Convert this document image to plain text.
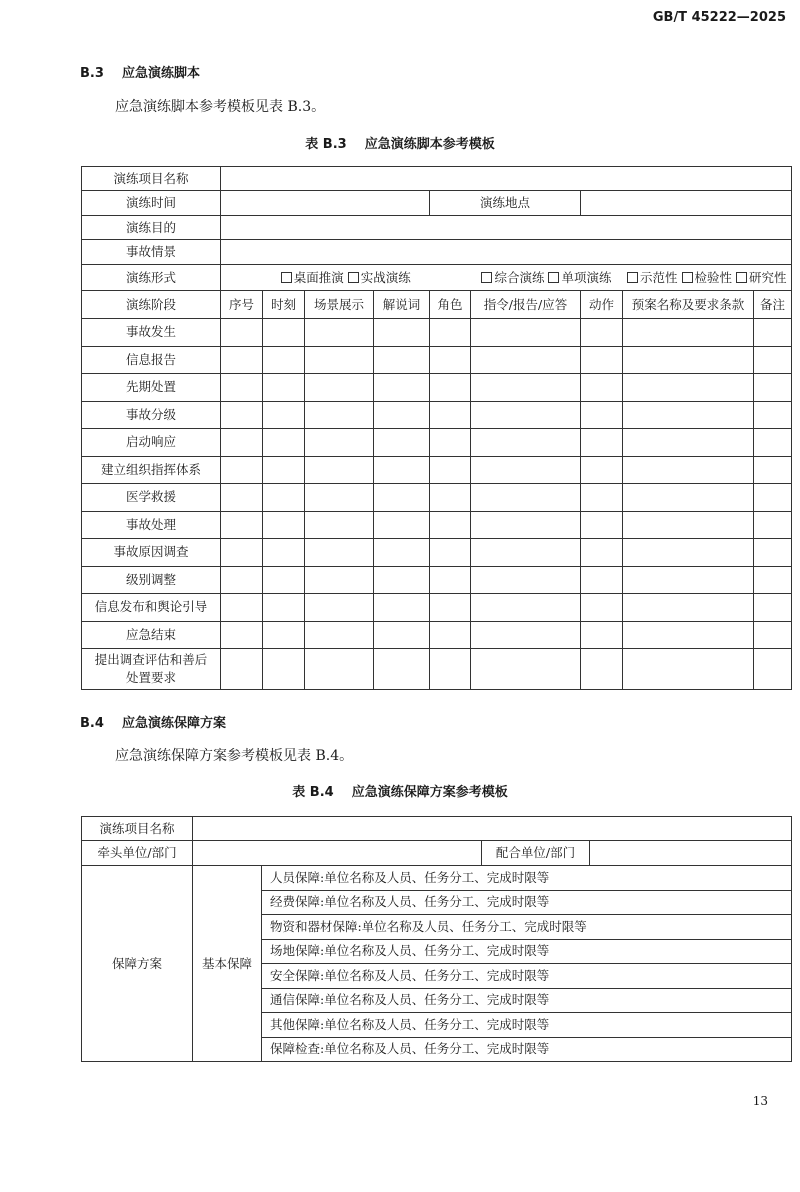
GB/T 45222—2025
B.3 应急演练脚本
应急演练脚本参考模板见表 B.3。
表 B.3 应急演练脚本参考模板
演练项目名称									
演练时间					演练地点				
演练目的									
事故情景									
演练形式	桌面推演 实战演练					综合演练 单项演练		示范性 检验性 研究性	
演练阶段	序号	时刻	场景展示	解说词	角色	指令/报告/应答	动作	预案名称及要求条款	备注
事故发生									
信息报告									
先期处置									
事故分级									
启动响应									
建立组织指挥体系									
医学救援									
事故处理									
事故原因调查									
级别调整									
信息发布和舆论引导									
应急结束									
提出调查评估和善后处置要求									
B.4 应急演练保障方案
应急演练保障方案参考模板见表 B.4。
表 B.4 应急演练保障方案参考模板
演练项目名称				
牵头单位/部门			配合单位/部门	
保障方案	基本保障	人员保障:单位名称及人员、任务分工、完成时限等		
		经费保障:单位名称及人员、任务分工、完成时限等		
		物资和器材保障:单位名称及人员、任务分工、完成时限等		
		场地保障:单位名称及人员、任务分工、完成时限等		
		安全保障:单位名称及人员、任务分工、完成时限等		
		通信保障:单位名称及人员、任务分工、完成时限等		
		其他保障:单位名称及人员、任务分工、完成时限等		
		保障检查:单位名称及人员、任务分工、完成时限等		
13
